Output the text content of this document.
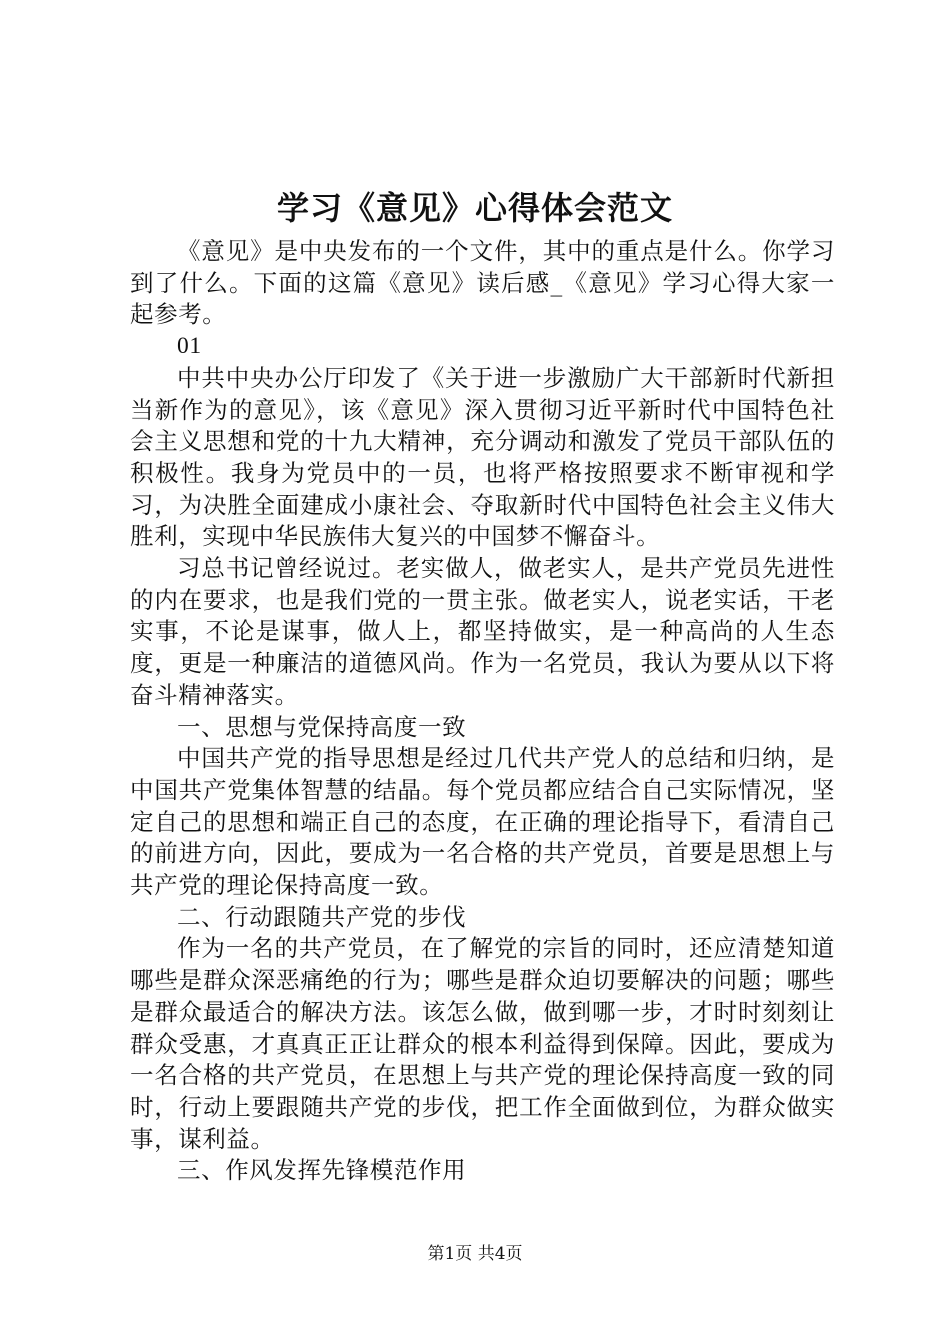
学习《意见》心得体会范文

《意见》是中央发布的一个文件，其中的重点是什么。你学习到了什么。下面的这篇《意见》读后感_《意见》学习心得大家一起参考。

01

中共中央办公厅印发了《关于进一步激励广大干部新时代新担当新作为的意见》，该《意见》深入贯彻习近平新时代中国特色社会主义思想和党的十九大精神，充分调动和激发了党员干部队伍的积极性。我身为党员中的一员，也将严格按照要求不断审视和学习，为决胜全面建成小康社会、夺取新时代中国特色社会主义伟大胜利，实现中华民族伟大复兴的中国梦不懈奋斗。

习总书记曾经说过。老实做人，做老实人，是共产党员先进性的内在要求，也是我们党的一贯主张。做老实人，说老实话，干老实事，不论是谋事，做人上，都坚持做实，是一种高尚的人生态度，更是一种廉洁的道德风尚。作为一名党员，我认为要从以下将奋斗精神落实。

一、思想与党保持高度一致

中国共产党的指导思想是经过几代共产党人的总结和归纳，是中国共产党集体智慧的结晶。每个党员都应结合自己实际情况，坚定自己的思想和端正自己的态度，在正确的理论指导下，看清自己的前进方向，因此，要成为一名合格的共产党员，首要是思想上与共产党的理论保持高度一致。

二、行动跟随共产党的步伐

作为一名的共产党员，在了解党的宗旨的同时，还应清楚知道哪些是群众深恶痛绝的行为；哪些是群众迫切要解决的问题；哪些是群众最适合的解决方法。该怎么做，做到哪一步，才时时刻刻让群众受惠，才真真正正让群众的根本利益得到保障。因此，要成为一名合格的共产党员，在思想上与共产党的理论保持高度一致的同时，行动上要跟随共产党的步伐，把工作全面做到位，为群众做实事，谋利益。

三、作风发挥先锋模范作用

第1页 共4页
